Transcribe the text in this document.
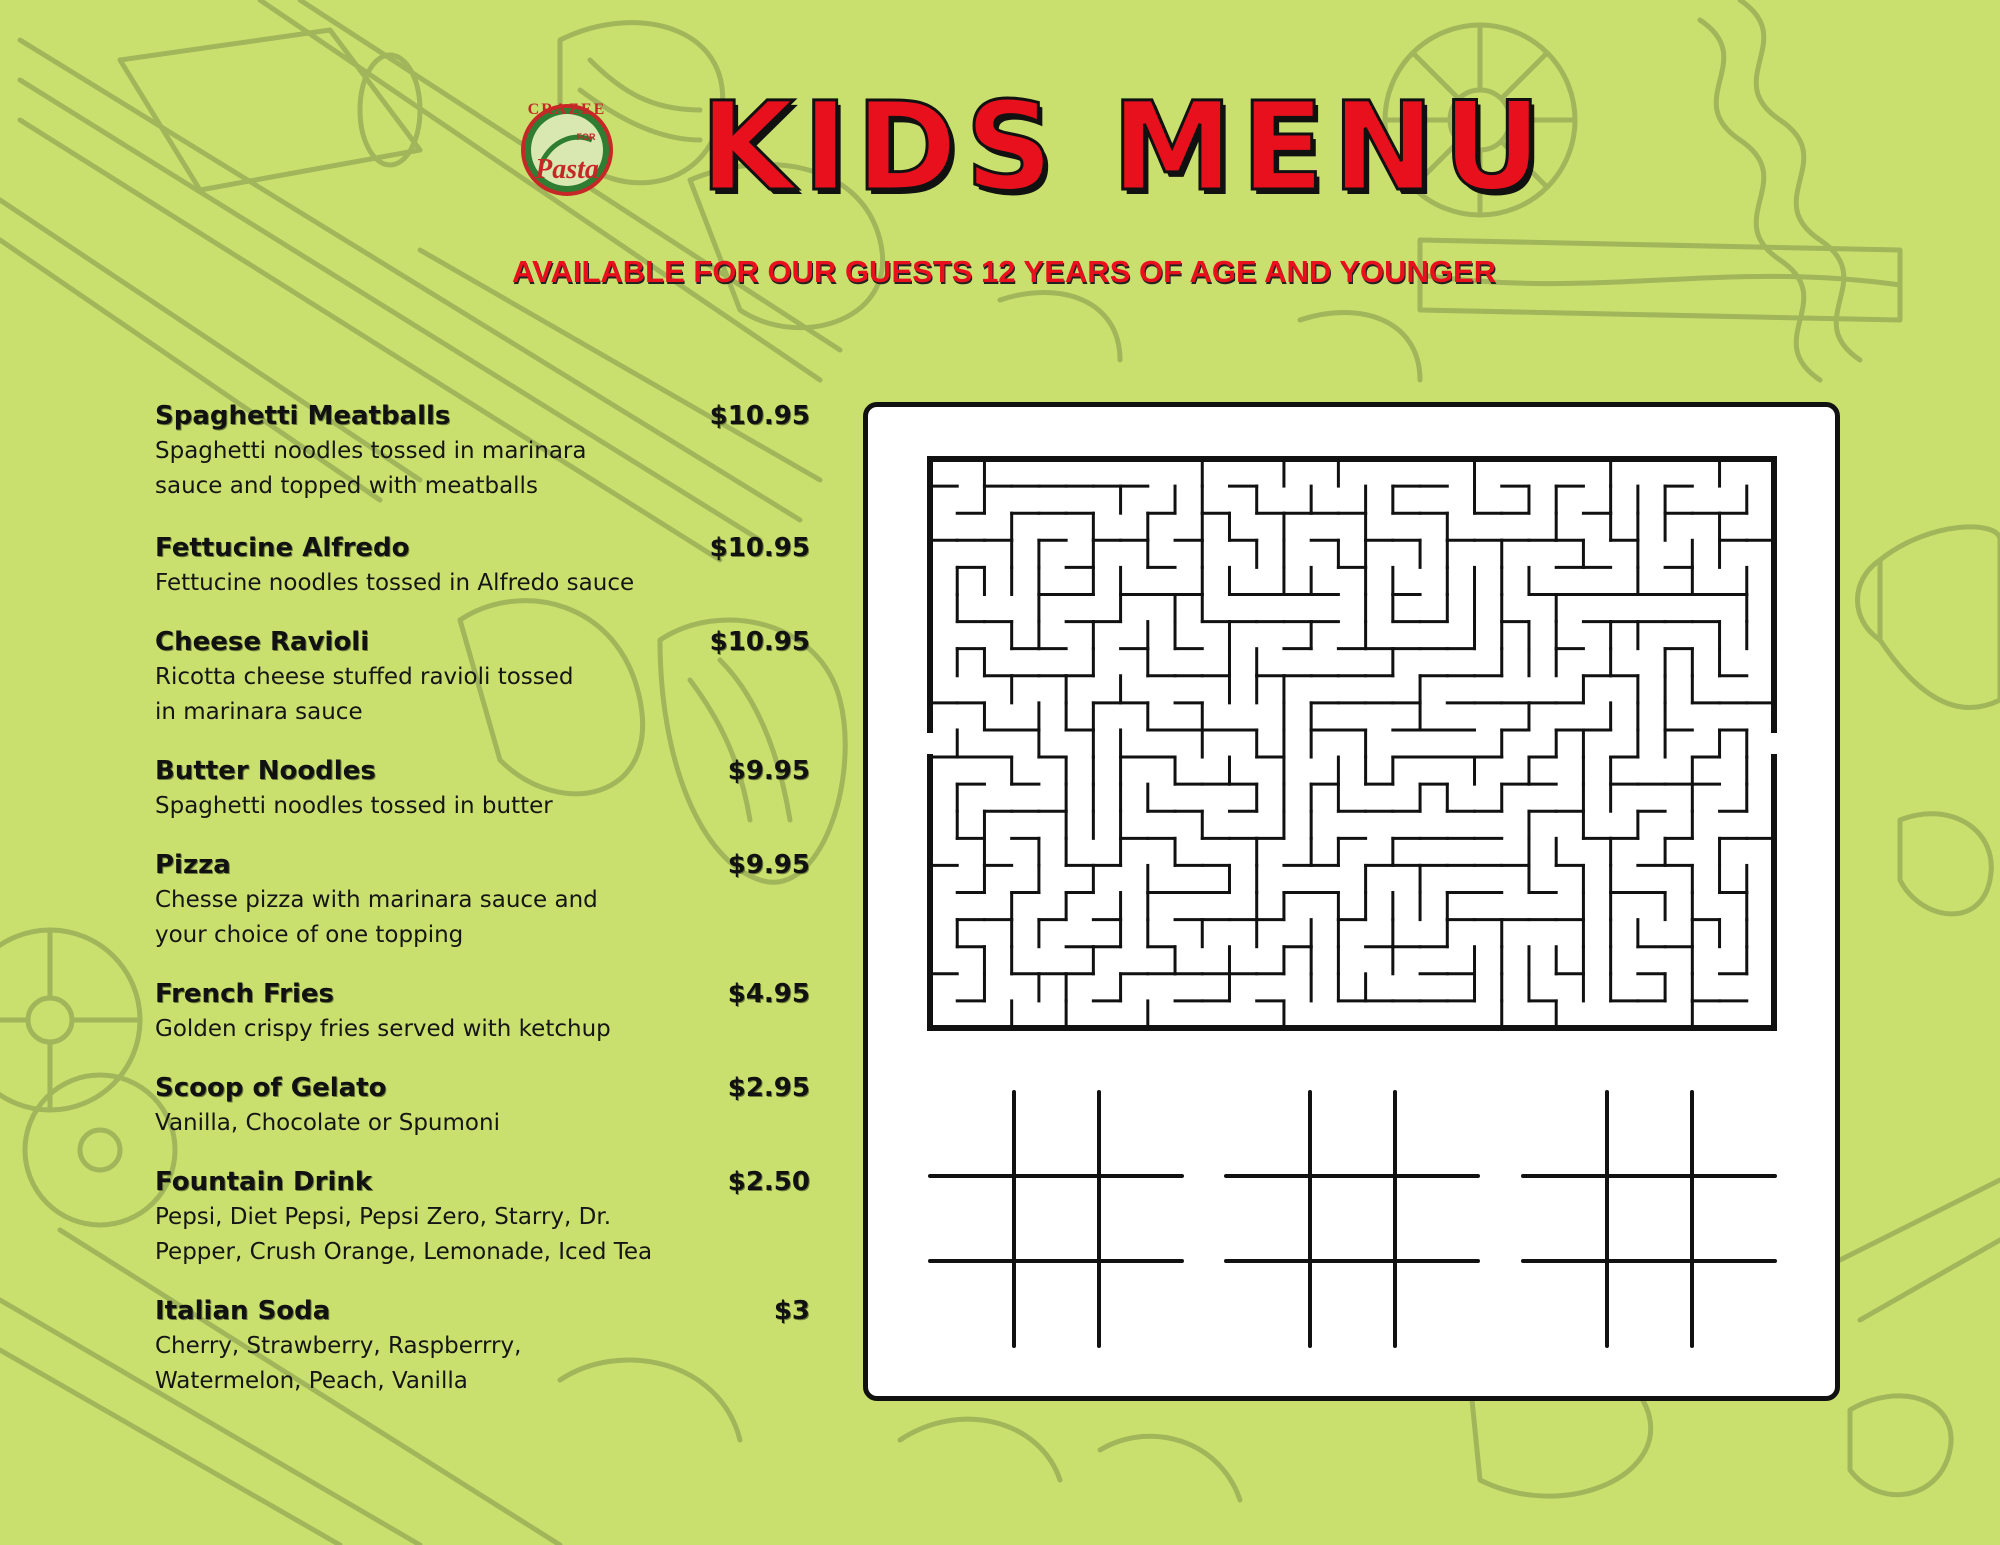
CRAZEE
FOR
Pasta KIDS MENU
AVAILABLE FOR OUR GUESTS 12 YEARS OF AGE AND YOUNGER
Spaghetti Meatballs	$10.95
Spaghetti noodles tossed in marinara
sauce and topped with meatballs
Fettucine Alfredo	$10.95
Fettucine noodles tossed in Alfredo sauce
Cheese Ravioli	$10.95
Ricotta cheese stuffed ravioli tossed
in marinara sauce
Butter Noodles	$9.95
Spaghetti noodles tossed in butter
Pizza	$9.95
Chesse pizza with marinara sauce and
your choice of one topping
French Fries	$4.95
Golden crispy fries served with ketchup
Scoop of Gelato	$2.95
Vanilla, Chocolate or Spumoni
Fountain Drink	$2.50
Pepsi, Diet Pepsi, Pepsi Zero, Starry, Dr.
Pepper, Crush Orange, Lemonade, Iced Tea
Italian Soda	$3
Cherry, Strawberry, Raspberrry,
Watermelon, Peach, Vanilla
